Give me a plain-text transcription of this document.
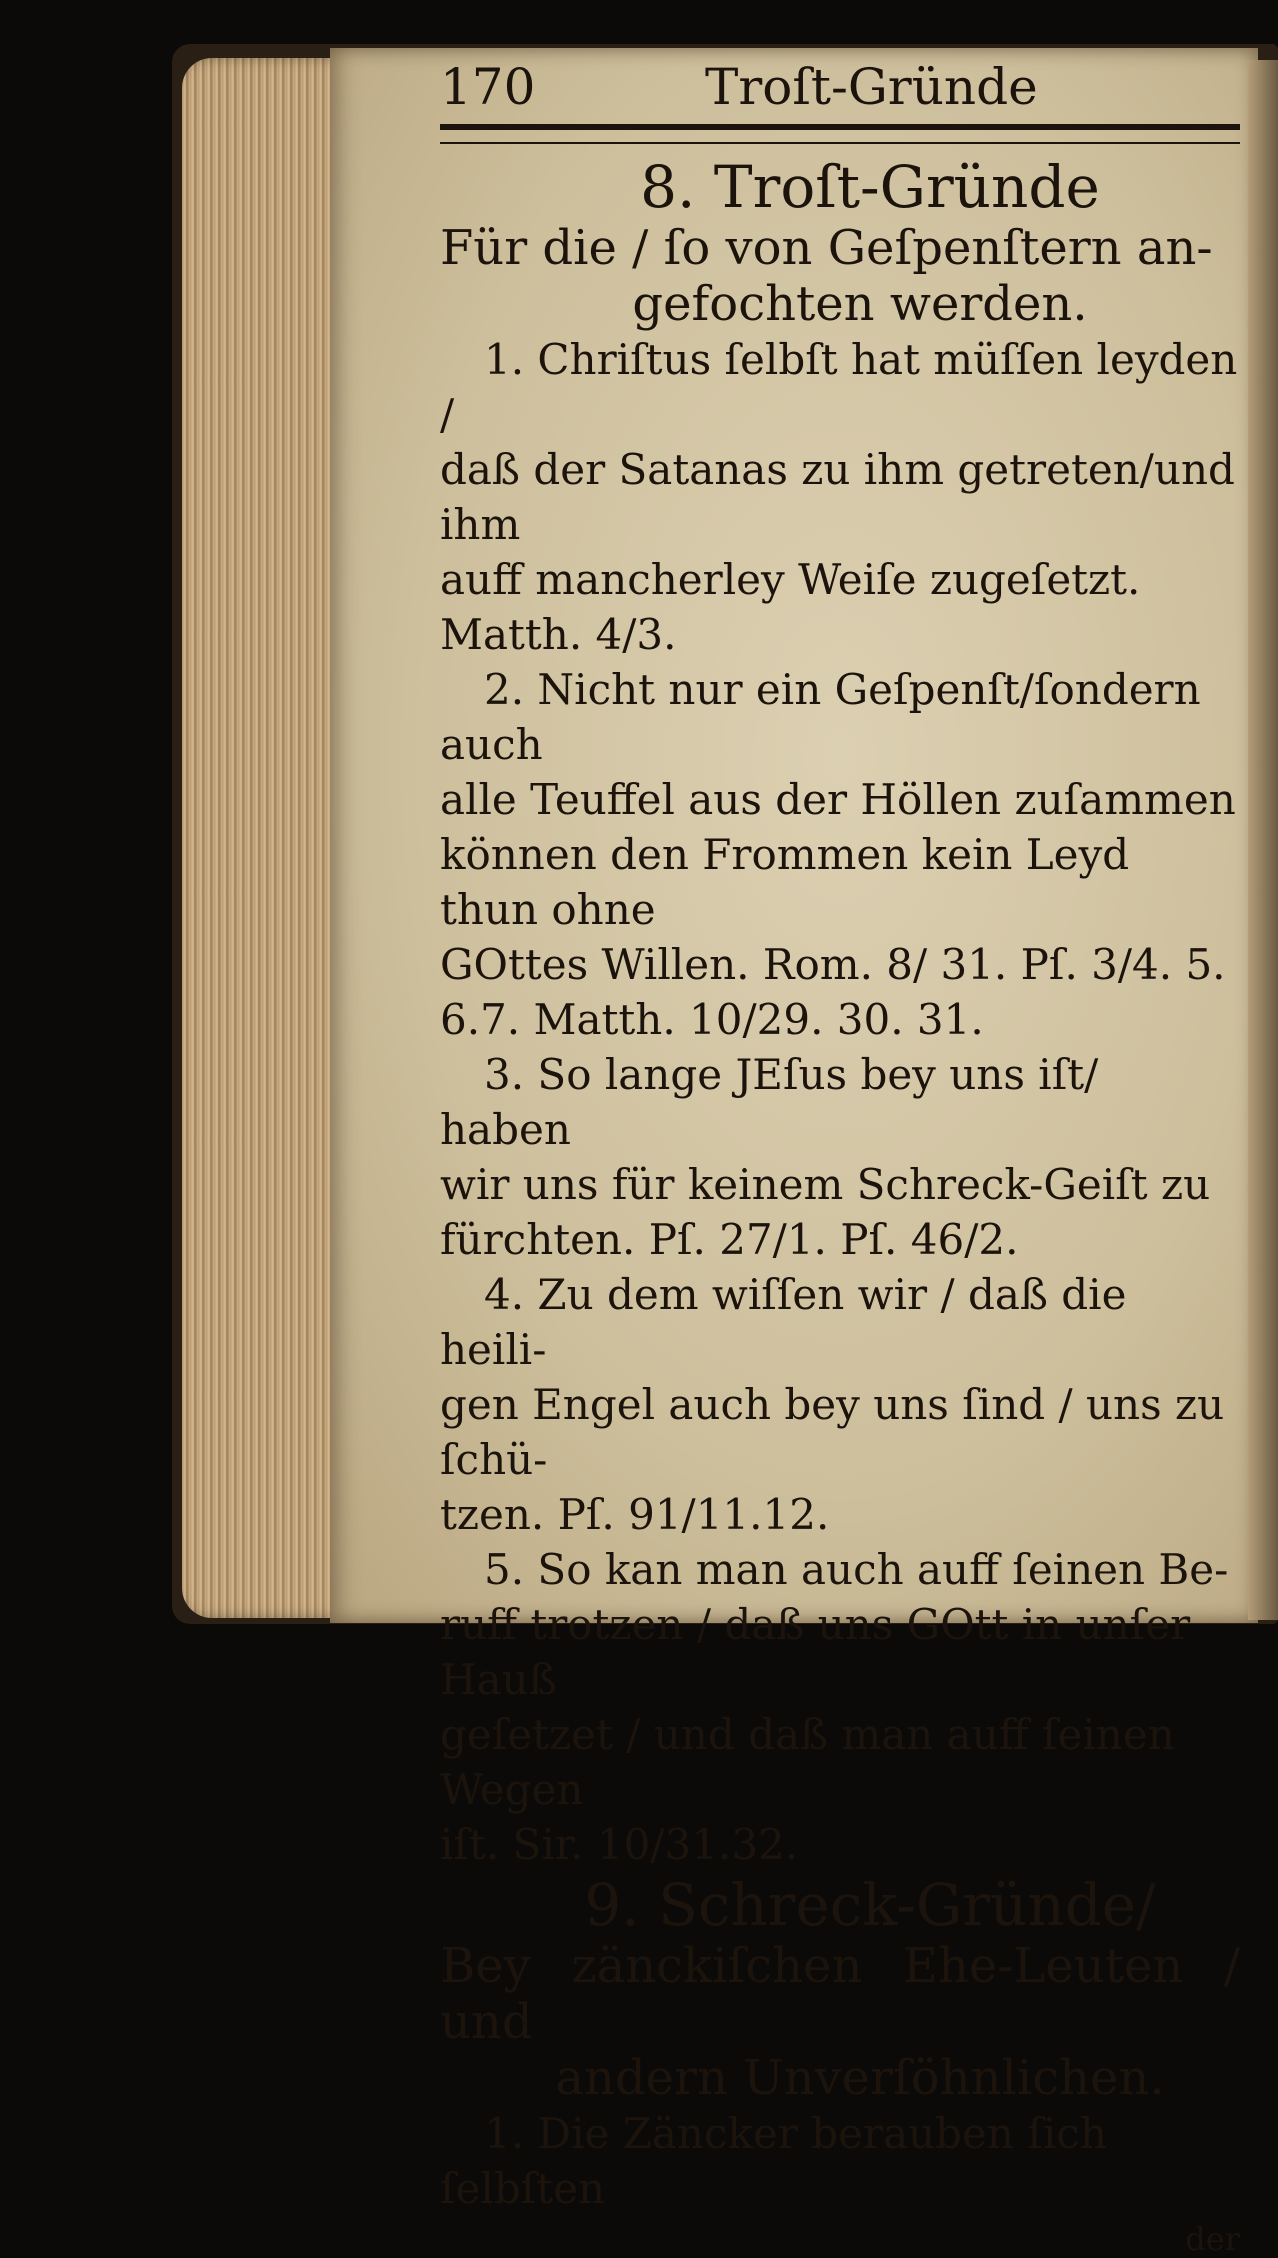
170	Troſt-Gründe
8. Troſt-Gründe
Für die / ſo von Geſpenſtern an-
gefochten werden.
1. Chriſtus ſelbſt hat müſſen leyden /
daß der Satanas zu ihm getreten/und ihm
auff mancherley Weiſe zugeſetzt. Matth. 4/3.
2. Nicht nur ein Geſpenſt/ſondern auch
alle Teuffel aus der Höllen zuſammen
können den Frommen kein Leyd thun ohne
GOttes Willen. Rom. 8/ 31. Pſ. 3/4. 5.
6.7. Matth. 10/29. 30. 31.
3. So lange JEſus bey uns iſt/ haben
wir uns für keinem Schreck-Geiſt zu
fürchten. Pſ. 27/1. Pſ. 46/2.
4. Zu dem wiſſen wir / daß die heili-
gen Engel auch bey uns ſind / uns zu ſchü-
tzen. Pſ. 91/11.12.
5. So kan man auch auff ſeinen Be-
ruff trotzen / daß uns GOtt in unſer Hauß
geſetzet / und daß man auff ſeinen Wegen
iſt. Sir. 10/31.32.
9. Schreck-Gründe/
Bey zänckiſchen Ehe-Leuten / und
andern Unverſöhnlichen.
1. Die Zäncker berauben ſich ſelbſten
der
